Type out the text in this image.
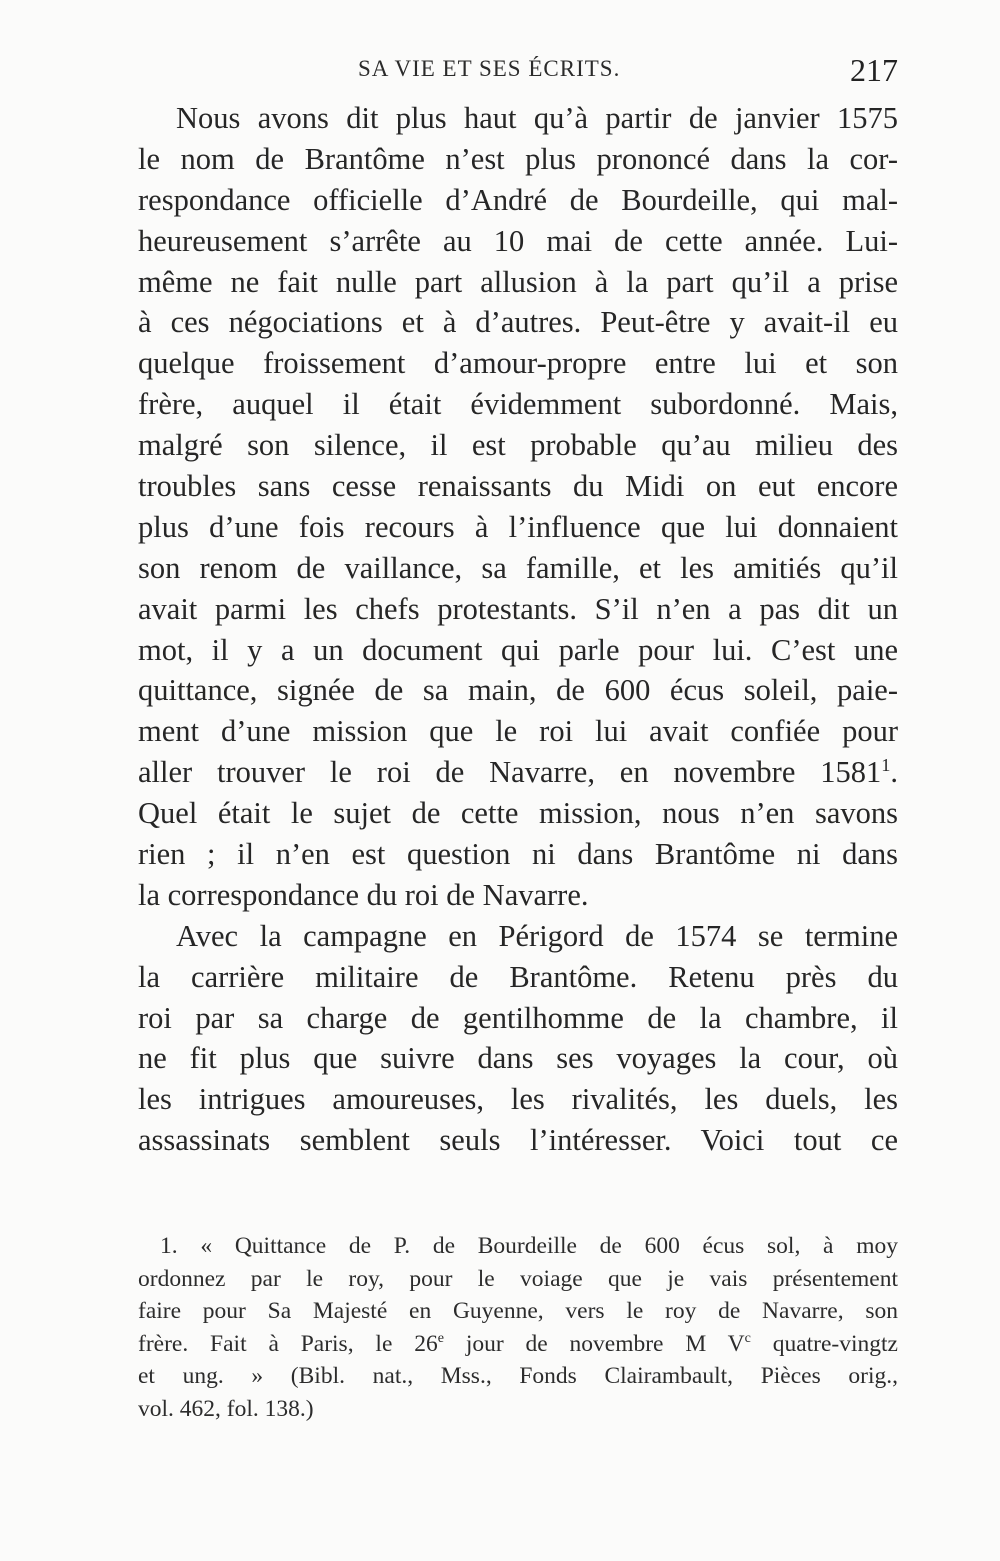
SA VIE ET SES ÉCRITS.	217
Nous avons dit plus haut qu’à partir de janvier 1575
le nom de Brantôme n’est plus prononcé dans la cor-
respondance officielle d’André de Bourdeille, qui mal-
heureusement s’arrête au 10 mai de cette année. Lui-
même ne fait nulle part allusion à la part qu’il a prise
à ces négociations et à d’autres. Peut-être y avait-il eu
quelque froissement d’amour-propre entre lui et son
frère, auquel il était évidemment subordonné. Mais,
malgré son silence, il est probable qu’au milieu des
troubles sans cesse renaissants du Midi on eut encore
plus d’une fois recours à l’influence que lui donnaient
son renom de vaillance, sa famille, et les amitiés qu’il
avait parmi les chefs protestants. S’il n’en a pas dit un
mot, il y a un document qui parle pour lui. C’est une
quittance, signée de sa main, de 600 écus soleil, paie-
ment d’une mission que le roi lui avait confiée pour
aller trouver le roi de Navarre, en novembre 1581$^1$.
Quel était le sujet de cette mission, nous n’en savons
rien ; il n’en est question ni dans Brantôme ni dans
la correspondance du roi de Navarre.
Avec la campagne en Périgord de 1574 se termine
la carrière militaire de Brantôme. Retenu près du
roi par sa charge de gentilhomme de la chambre, il
ne fit plus que suivre dans ses voyages la cour, où
les intrigues amoureuses, les rivalités, les duels, les
assassinats semblent seuls l’intéresser. Voici tout ce
1. « Quittance de P. de Bourdeille de 600 écus sol, à moy
ordonnez par le roy, pour le voiage que je vais présentement
faire pour Sa Majesté en Guyenne, vers le roy de Navarre, son
frère. Fait à Paris, le 26e jour de novembre M $V^c$ quatre-vingtz
et ung. » (Bibl. nat., Mss., Fonds Clairambault, Pièces orig.,
vol. 462, fol. 138.)
